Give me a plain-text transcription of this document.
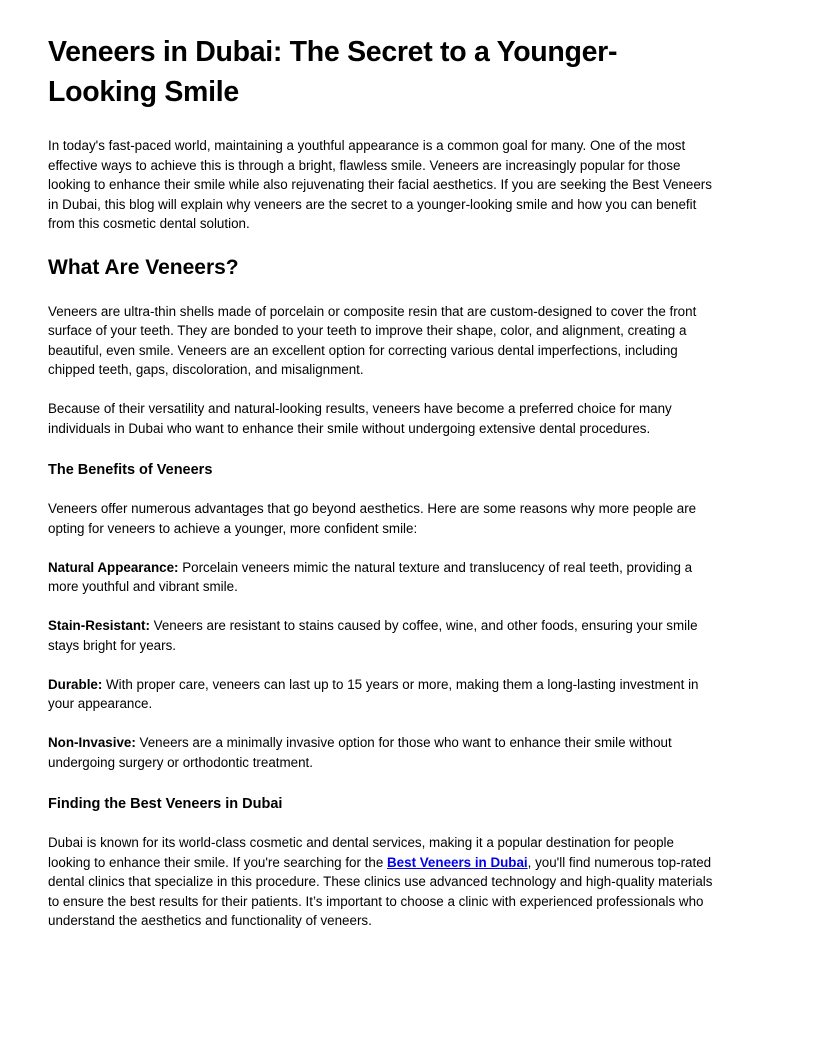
Veneers in Dubai: The Secret to a Younger-Looking Smile

In today's fast-paced world, maintaining a youthful appearance is a common goal for many. One of the most effective ways to achieve this is through a bright, flawless smile. Veneers are increasingly popular for those looking to enhance their smile while also rejuvenating their facial aesthetics. If you are seeking the Best Veneers in Dubai, this blog will explain why veneers are the secret to a younger-looking smile and how you can benefit from this cosmetic dental solution.

What Are Veneers?

Veneers are ultra-thin shells made of porcelain or composite resin that are custom-designed to cover the front surface of your teeth. They are bonded to your teeth to improve their shape, color, and alignment, creating a beautiful, even smile. Veneers are an excellent option for correcting various dental imperfections, including chipped teeth, gaps, discoloration, and misalignment.

Because of their versatility and natural-looking results, veneers have become a preferred choice for many individuals in Dubai who want to enhance their smile without undergoing extensive dental procedures.

The Benefits of Veneers

Veneers offer numerous advantages that go beyond aesthetics. Here are some reasons why more people are opting for veneers to achieve a younger, more confident smile:

Natural Appearance: Porcelain veneers mimic the natural texture and translucency of real teeth, providing a more youthful and vibrant smile.

Stain-Resistant: Veneers are resistant to stains caused by coffee, wine, and other foods, ensuring your smile stays bright for years.

Durable: With proper care, veneers can last up to 15 years or more, making them a long-lasting investment in your appearance.

Non-Invasive: Veneers are a minimally invasive option for those who want to enhance their smile without undergoing surgery or orthodontic treatment.

Finding the Best Veneers in Dubai

Dubai is known for its world-class cosmetic and dental services, making it a popular destination for people looking to enhance their smile. If you're searching for the Best Veneers in Dubai, you'll find numerous top-rated dental clinics that specialize in this procedure. These clinics use advanced technology and high-quality materials to ensure the best results for their patients. It’s important to choose a clinic with experienced professionals who understand the aesthetics and functionality of veneers.
